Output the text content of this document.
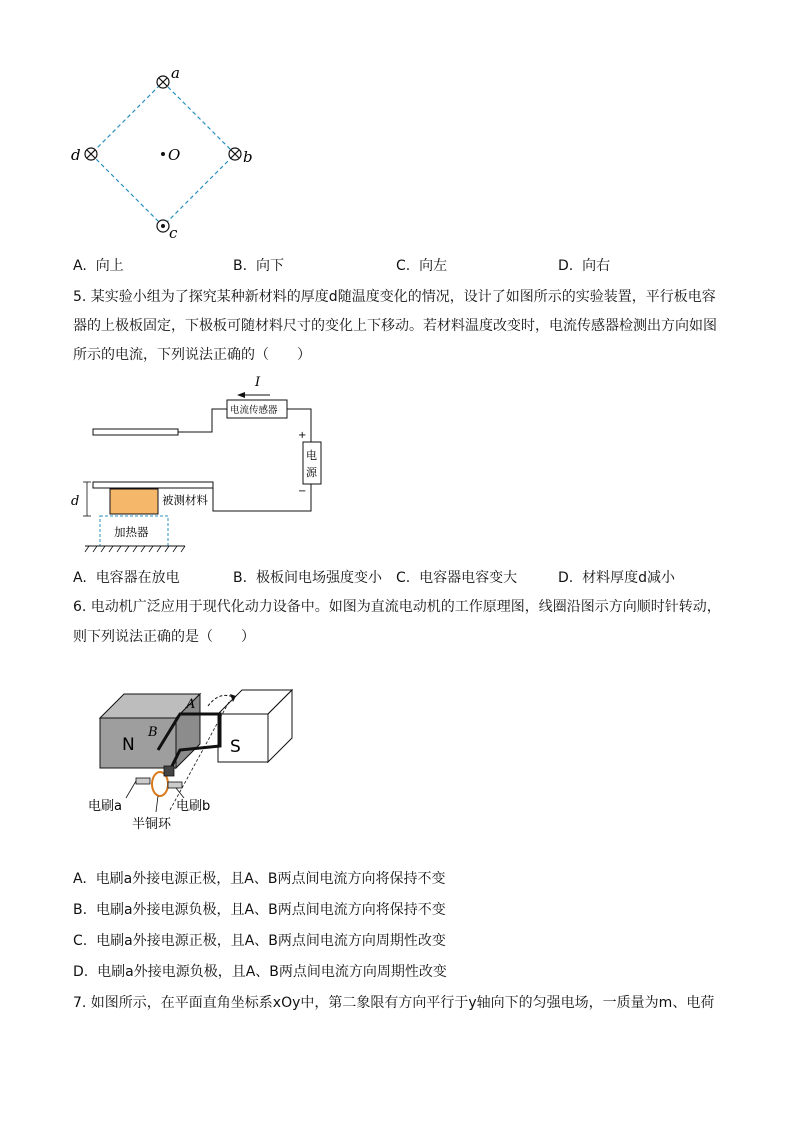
a
b
c
d	O
A. 向上	B. 向下	C. 向左	D. 向右
5. 某实验小组为了探究某种新材料的厚度d随温度变化的情况，设计了如图所示的实验装置，平行板电容
器的上极板固定，下极板可随材料尺寸的变化上下移动。若材料温度改变时，电流传感器检测出方向如图
所示的电流，下列说法正确的（　　）
I
电流传感器
电
源
+
−
被测材料
d
加热器
A. 电容器在放电	B. 极板间电场强度变小 C. 电容器电容变大	D. 材料厚度d减小
6. 电动机广泛应用于现代化动力设备中。如图为直流电动机的工作原理图，线圈沿图示方向顺时针转动，
则下列说法正确的是（　　）
N	S
A
B
电刷a	电刷b
半铜环
A. 电刷a外接电源正极，且A、B两点间电流方向将保持不变
B. 电刷a外接电源负极，且A、B两点间电流方向将保持不变
C. 电刷a外接电源正极，且A、B两点间电流方向周期性改变
D. 电刷a外接电源负极，且A、B两点间电流方向周期性改变
7. 如图所示，在平面直角坐标系xOy中，第二象限有方向平行于y轴向下的匀强电场，一质量为m、电荷
